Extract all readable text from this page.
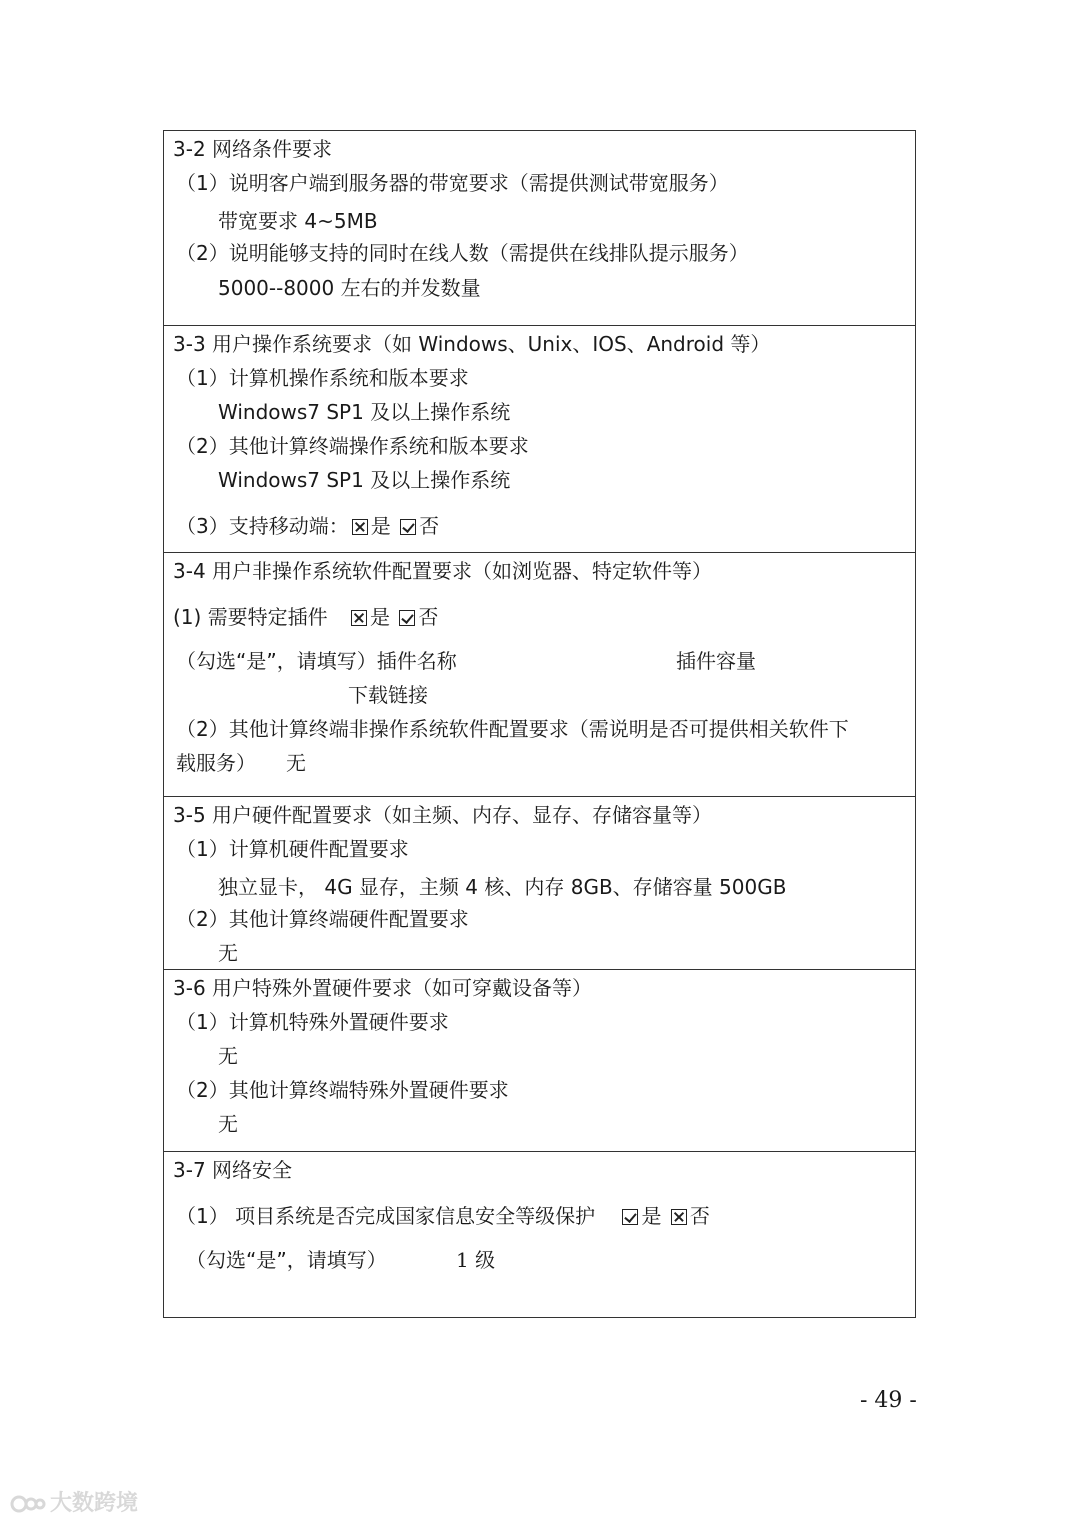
3-2 网络条件要求
（1）说明客户端到服务器的带宽要求（需提供测试带宽服务）
带宽要求 4~5MB
（2）说明能够支持的同时在线人数（需提供在线排队提示服务）
5000--8000 左右的并发数量
3-3 用户操作系统要求（如 Windows、Unix、IOS、Android 等）
（1）计算机操作系统和版本要求
Windows7 SP1 及以上操作系统
（2）其他计算终端操作系统和版本要求
Windows7 SP1 及以上操作系统
（3）支持移动端： 是 否
3-4 用户非操作系统软件配置要求（如浏览器、特定软件等）
(1) 需要特定插件 是 否
（勾选“是”，请填写）插件名称	插件容量
下载链接
（2）其他计算终端非操作系统软件配置要求（需说明是否可提供相关软件下
载服务） 无
3-5 用户硬件配置要求（如主频、内存、显存、存储容量等）
（1）计算机硬件配置要求
独立显卡， 4G 显存，主频 4 核、内存 8GB、存储容量 500GB
（2）其他计算终端硬件配置要求
无
3-6 用户特殊外置硬件要求（如可穿戴设备等）
（1）计算机特殊外置硬件要求
无
（2）其他计算终端特殊外置硬件要求
无
3-7 网络安全
（1） 项目系统是否完成国家信息安全等级保护 是 否
（勾选“是”，请填写）	1 级
- 49 -
大数跨境
